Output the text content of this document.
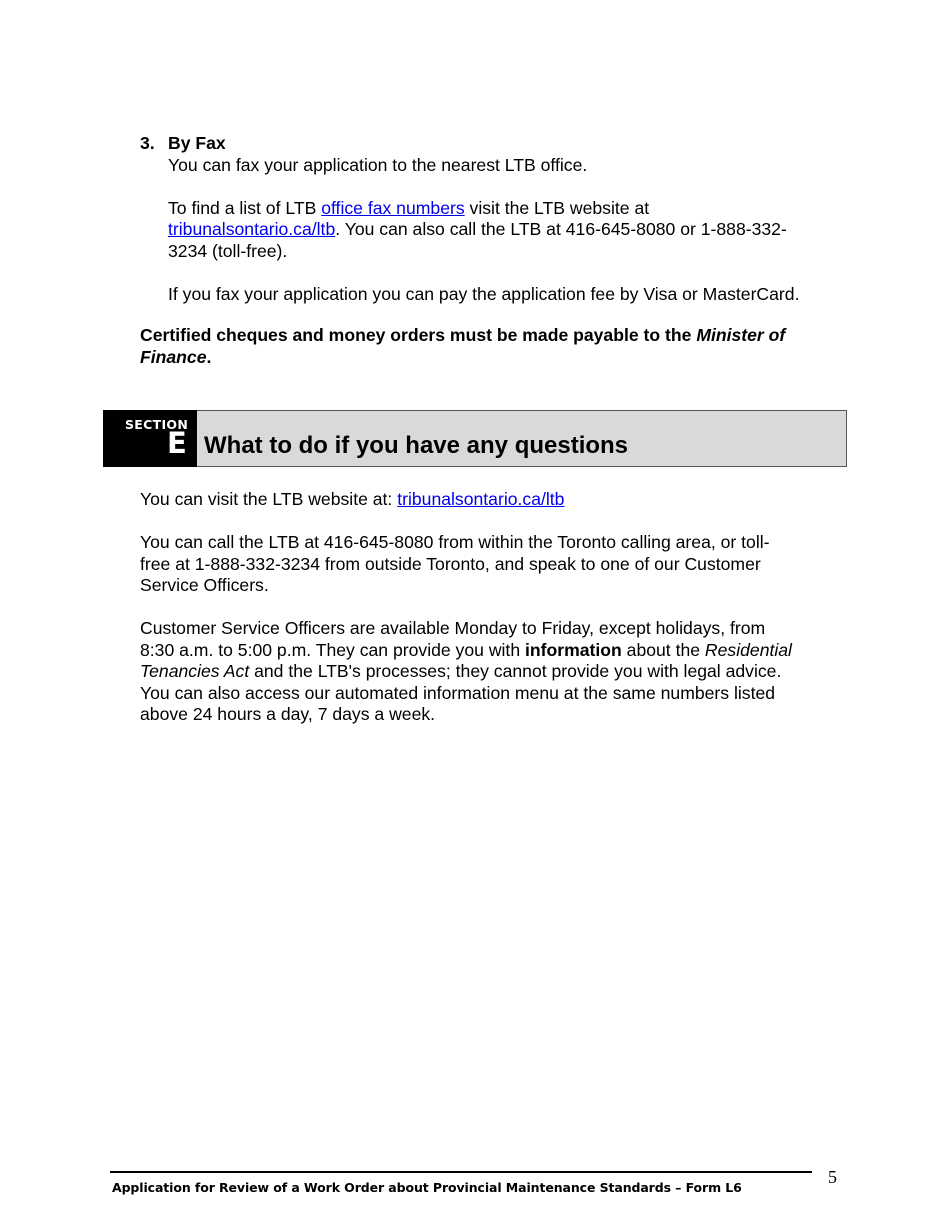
3. By Fax
You can fax your application to the nearest LTB office.
To find a list of LTB office fax numbers visit the LTB website at
tribunalsontario.ca/ltb. You can also call the LTB at 416-645-8080 or 1-888-332-
3234 (toll-free).
If you fax your application you can pay the application fee by Visa or MasterCard.
Certified cheques and money orders must be made payable to the Minister of
Finance.
SECTION
E What to do if you have any questions
You can visit the LTB website at: tribunalsontario.ca/ltb
You can call the LTB at 416-645-8080 from within the Toronto calling area, or toll-
free at 1-888-332-3234 from outside Toronto, and speak to one of our Customer
Service Officers.
Customer Service Officers are available Monday to Friday, except holidays, from
8:30 a.m. to 5:00 p.m. They can provide you with information about the Residential
Tenancies Act and the LTB's processes; they cannot provide you with legal advice.
You can also access our automated information menu at the same numbers listed
above 24 hours a day, 7 days a week.
Application for Review of a Work Order about Provincial Maintenance Standards – Form L6
5
